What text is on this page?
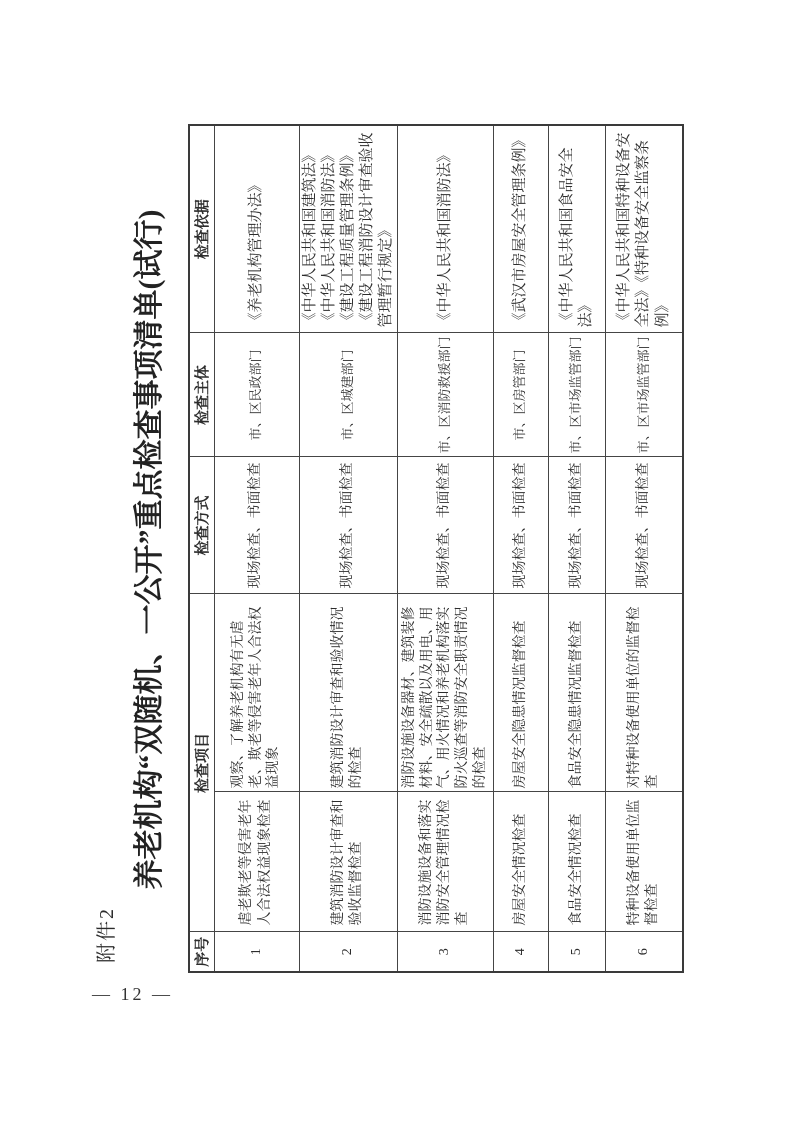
附件2
养老机构“双随机、一公开”重点检查事项清单(试行)
序号	检查项目		检查方式	检查主体	检查依据
1	虐老欺老等侵害老年人合法权益现象检查	观察、了解养老机构有无虐老、欺老等侵害老年人合法权益现象	现场检查、书面检查	市、区民政部门	《养老机构管理办法》
2	建筑消防设计审查和验收监督检查	建筑消防设计审查和验收情况的检查	现场检查、书面检查	市、区城建部门	《中华人民共和国建筑法》《中华人民共和国消防法》《建设工程质量管理条例》《建设工程消防设计审查验收管理暂行规定》
3	消防设施设备和落实消防安全管理情况检查	消防设施设备器材、建筑装修材料、安全疏散以及用电、用气、用火情况和养老机构落实防火巡查等消防安全职责情况的检查	现场检查、书面检查	市、区消防救援部门	《中华人民共和国消防法》
4	房屋安全情况检查	房屋安全隐患情况监督检查	现场检查、书面检查	市、区房管部门	《武汉市房屋安全管理条例》
5	食品安全情况检查	食品安全隐患情况监督检查	现场检查、书面检查	市、区市场监管部门	《中华人民共和国食品安全法》
6	特种设备使用单位监督检查	对特种设备使用单位的监督检查	现场检查、书面检查	市、区市场监管部门	《中华人民共和国特种设备安全法》《特种设备安全监察条例》
— 12 —
